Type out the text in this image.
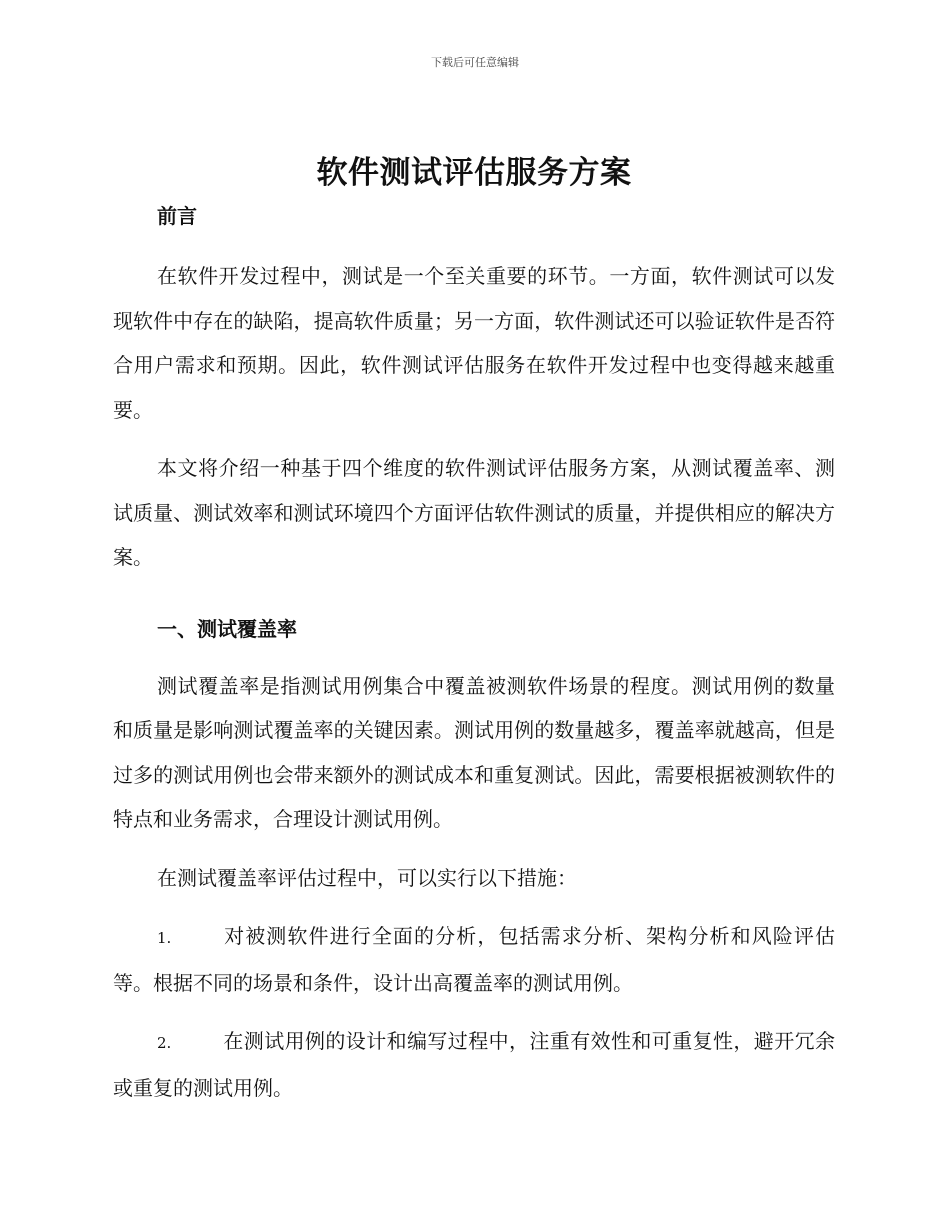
下载后可任意编辑
软件测试评估服务方案
前言

在软件开发过程中，测试是一个至关重要的环节。一方面，软件测试可以发现软件中存在的缺陷，提高软件质量；另一方面，软件测试还可以验证软件是否符合用户需求和预期。因此，软件测试评估服务在软件开发过程中也变得越来越重要。

本文将介绍一种基于四个维度的软件测试评估服务方案，从测试覆盖率、测试质量、测试效率和测试环境四个方面评估软件测试的质量，并提供相应的解决方案。

一、测试覆盖率

测试覆盖率是指测试用例集合中覆盖被测软件场景的程度。测试用例的数量和质量是影响测试覆盖率的关键因素。测试用例的数量越多，覆盖率就越高，但是过多的测试用例也会带来额外的测试成本和重复测试。因此，需要根据被测软件的特点和业务需求，合理设计测试用例。

在测试覆盖率评估过程中，可以实行以下措施：

1.	对被测软件进行全面的分析，包括需求分析、架构分析和风险评估等。根据不同的场景和条件，设计出高覆盖率的测试用例。
2.	在测试用例的设计和编写过程中，注重有效性和可重复性，避开冗余或重复的测试用例。
